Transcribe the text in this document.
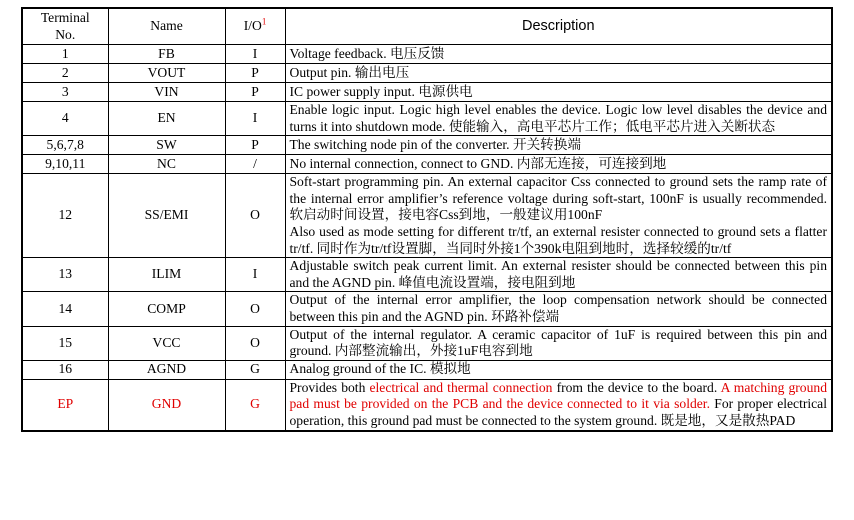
Terminal
No.	Name	$I/O^1$	Description
1	FB	I	Voltage feedback. 电压反馈
2	VOUT	P	Output pin. 输出电压
3	VIN	P	IC power supply input. 电源供电
4	EN	I	Enable logic input. Logic high level enables the device. Logic low level disables the device and turns it into shutdown mode. 使能输入，高电平芯片工作；低电平芯片进入关断状态
5,6,7,8	SW	P	The switching node pin of the converter. 开关转换端
9,10,11	NC	/	No internal connection, connect to GND. 内部无连接，可连接到地
12	SS/EMI	O	Soft-start programming pin. An external capacitor Css connected to ground sets the ramp rate of the internal error amplifier’s reference voltage during soft-start, 100nF is usually recommended. 软启动时间设置，接电容Css到地，一般建议用100nF
Also used as mode setting for different tr/tf, an external resister connected to ground sets a flatter tr/tf. 同时作为tr/tf设置脚，当同时外接1个390k电阻到地时，选择较缓的tr/tf

13	ILIM	I	Adjustable switch peak current limit. An external resister should be connected between this pin and the AGND pin. 峰值电流设置端，接电阻到地
14	COMP	O	Output of the internal error amplifier, the loop compensation network should be connected between this pin and the AGND pin. 环路补偿端
15	VCC	O	Output of the internal regulator. A ceramic capacitor of 1uF is required between this pin and ground. 内部整流输出，外接1uF电容到地
16	AGND	G	Analog ground of the IC. 模拟地
EP	GND	G	Provides both electrical and thermal connection from the device to the board. A matching ground pad must be provided on the PCB and the device connected to it via solder. For proper electrical operation, this ground pad must be connected to the system ground. 既是地，又是散热PAD
